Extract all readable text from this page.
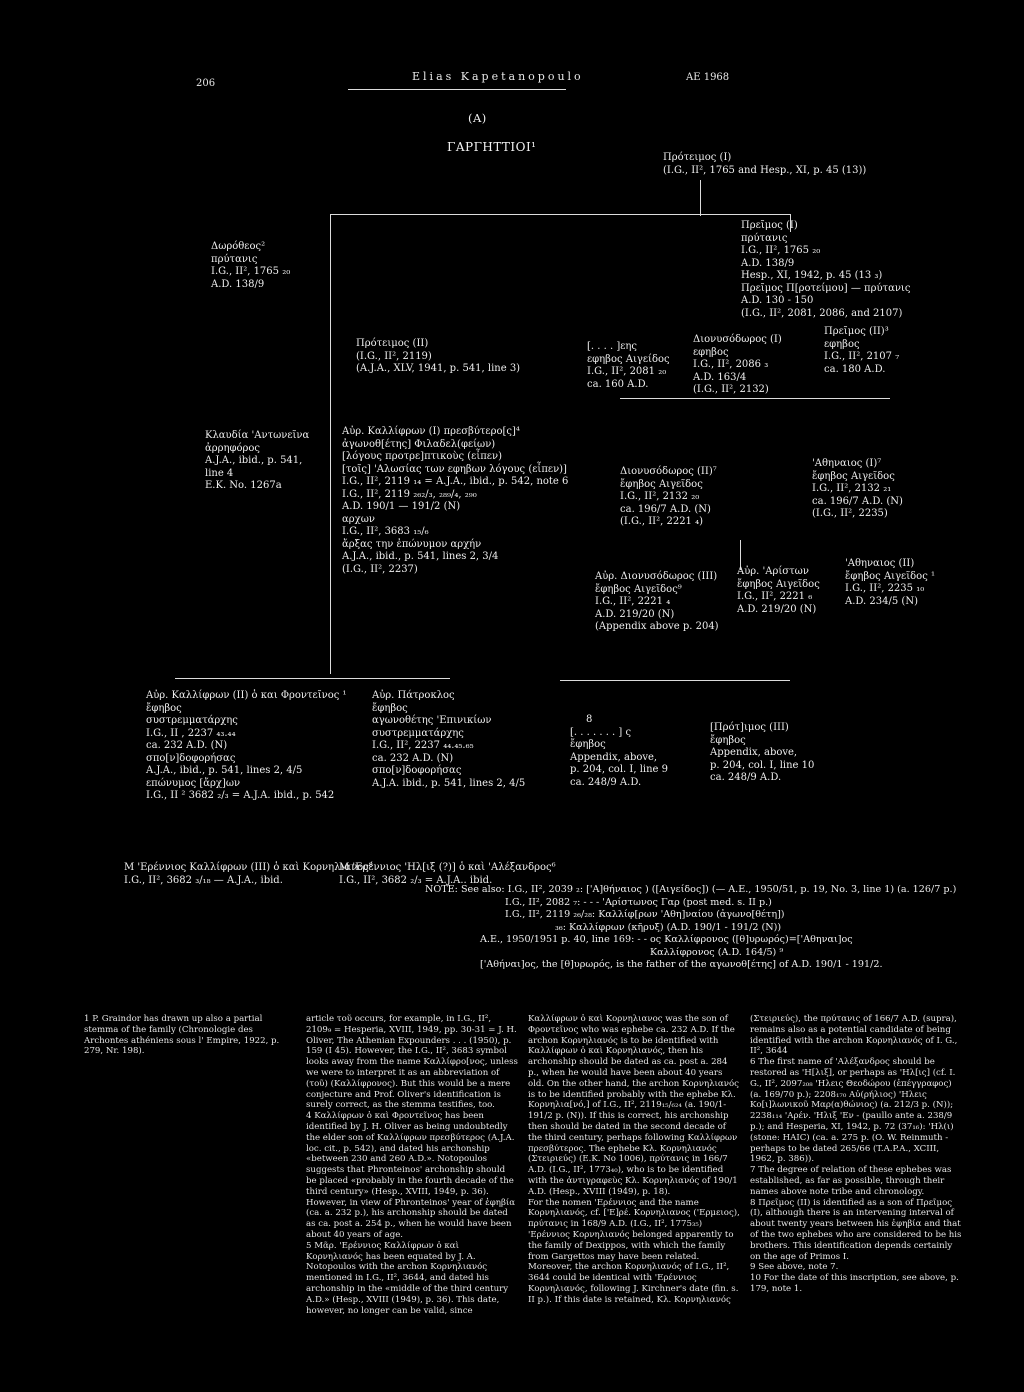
206
Elias Kapetanopoulo	ΑΕ 1968
(Α)
ΓΑΡΓΗΤΤΙΟΙ¹
Πρότειμος (I)
(I.G., II², 1765 and Hesp., XI, p. 45 (13))
Δωρόθεος²
πρύτανις
I.G., II², 1765 ₂₀
A.D. 138/9
Πρεῖμος (I)
πρύτανις
I.G., II², 1765 ₂₀
A.D. 138/9
Hesp., XI, 1942, p. 45 (13 ₃)
Πρεῖμος Π[ροτείμου] — πρύτανις
A.D. 130 - 150
(I.G., II², 2081, 2086, and 2107)
Πρότειμος (II)
(I.G., II², 2119)
(A.J.A., XLV, 1941, p. 541, line 3)
[. . . . ]εης
εφηβος Αιγείδος
I.G., II², 2081 ₂₀
ca. 160 A.D.
Διονυσόδωρος (I)
εφηβος
I.G., II², 2086 ₃
A.D. 163/4
(I.G., II², 2132)
Πρεῖμος (II)³
εφηβος
I.G., II², 2107 ₇
ca. 180 A.D.
Κλαυδία 'Αντωνεῖνα
ἀρρηφόρος
A.J.A., ibid., p. 541,
line 4
E.K. No. 1267a
Αὐρ. Καλλίφρων (I) πρεσβύτερο[ς]⁴
ἀγωνοθ[έτης] Φιλαδελ(φείων)
[λόγους προτρε]πτικοὺς (εἶπεν)
[τοῖς] 'Αλωσίας των εφηβων λόγους (εἶπεν)]
I.G., II², 2119 ₁₄ = A.J.A., ibid., p. 542, note 6
I.G., II², 2119 ₂₆₂/₃, ₂₈₉/₄, ₂₉₀
A.D. 190/1 — 191/2 (N)
αρχων
I.G., II², 3683 ₁₅/₆
ἄρξας την ἐπώνυμον αρχήν
A.J.A., ibid., p. 541, lines 2, 3/4
(I.G., II², 2237)
Διονυσόδωρος (II)⁷
ἔφηβος Αιγεῖδος
I.G., II², 2132 ₂₀
ca. 196/7 A.D. (N)
(I.G., II², 2221 ₄)
'Αθηναιος (I)⁷
ἔφηβος Αιγεῖδος
I.G., II², 2132 ₂₁
ca. 196/7 A.D. (N)
(I.G., II², 2235)
Αὐρ. Διονυσόδωρος (III)
ἔφηβος Αιγεῖδος⁹
I.G., II², 2221 ₄
A.D. 219/20 (N)
(Appendix above p. 204)
Αὐρ. 'Αρίστων
ἔφηβος Αιγεῖδος
I.G., II², 2221 ₆
A.D. 219/20 (N)
'Αθηναιος (II)
ἔφηβος Αιγεῖδος ¹
I.G., II², 2235 ₁₀
A.D. 234/5 (N)
Αὐρ. Καλλίφρων (II) ὁ και Φροντεῖνος ¹
ἔφηβος
συστρεμματάρχης
I.G., II , 2237 ₄₃.₄₄
ca. 232 A.D. (N)
σπο[ν]δοφορήσας
A.J.A., ibid., p. 541, lines 2, 4/5
επώνυμος [ἄρχ]ων
I.G., II ² 3682 ₂/₃ = A.J.A. ibid., p. 542
Αὐρ. Πάτροκλος
ἔφηβος
αγωνοθέτης 'Επινικίων
συστρεμματάρχης
I.G., II², 2237 ₄₄.₄₅.₆₅
ca. 232 A.D. (N)
σπο[ν]δοφορήσας
A.J.A. ibid., p. 541, lines 2, 4/5
8
[. . . . . . . ] ς
ἔφηβος
Appendix, above,
p. 204, col. I, line 9
ca. 248/9 A.D.
[Πρότ]ιμος (III)
ἔφηβος
Appendix, above,
p. 204, col. I, line 10
ca. 248/9 A.D.
Μ 'Ερέννιος Καλλίφρων (III) ὁ καὶ Κορνηλιανος⁸
I.G., II², 3682 ₃/₁₈ — A.J.A., ibid.
Μ 'Ερέννιος 'Ηλ[ιξ (?)] ὁ καὶ 'Αλέξανδρος⁶
I.G., II², 3682 ₂/₃ = A.J.A.. ibid.
NOTE: See also: I.G., II², 2039 ₂: ['Α]θήναιος ) ([Αιγείδος]) (— A.E., 1950/51, p. 19, No. 3, line 1) (a. 126/7 p.)
I.G., II², 2082 ₇: - - - 'Αρίστωνος Γαρ (post med. s. II p.)
I.G., II², 2119 ₂₆/₂₈: Καλλίφ[ρων 'Αθη]ναίου (ἀγωνο[θέτη])
₃₆: Καλλίφρων (κῆρυξ) (A.D. 190/1 - 191/2 (N))
A.E., 1950/1951 p. 40, line 169: - - ος Καλλίφρονος ([θ]υρωρός)=['Αθηναι]ος
Καλλίφρονος (A.D. 164/5) ⁹
['Αθήναι]ος, the [θ]υρωρός, is the father of the αγωνοθ[έτης] of A.D. 190/1 - 191/2.
1 P. Graindor has drawn up also a partial stemma of the family (Chronologie des Archontes athéniens sous l' Empire, 1922, p. 279, Nr. 198).
article τοῦ occurs, for example, in I.G., II², 2109₉ = Hesperia, XVIII, 1949, pp. 30-31 = J. H. Oliver, The Athenian Expounders . . . (1950), p. 159 (I 45). However, the I.G., II², 3683 symbol looks away from the name Καλλίφρο[νος, unless we were to interpret it as an abbreviation of (τοῦ) (Καλλίφρονος). But this would be a mere conjecture and Prof. Oliver's identification is surely correct, as the stemma testifies, too.
4 Καλλίφρων ὁ καὶ Φροντεῖνος has been identified by J. H. Oliver as being undoubtedly the elder son of Καλλίφρων πρεσβύτερος (A.J.A. loc. cit., p. 542), and dated his archonship «between 230 and 260 A.D.». Notopoulos suggests that Phronteinos' archonship should be placed «probably in the fourth decade of the third century» (Hesp., XVIII, 1949, p. 36). However, in view of Phronteinos' year of ἐφηβία (ca. a. 232 p.), his archonship should be dated as ca. post a. 254 p., when he would have been about 40 years of age.
5 Μᾶρ. 'Ερέννιος Καλλίφρων ὁ καὶ Κορνηλιανός has been equated by J. A. Notopoulos with the archon Κορνηλιανός mentioned in I.G., II², 3644, and dated his archonship in the «middle of the third century A.D.» (Hesp., XVIII (1949), p. 36). This date, however, no longer can be valid, since
Καλλίφρων ὁ καὶ Κορνηλιανος was the son of Φροντεῖνος who was ephebe ca. 232 A.D. If the archon Κορνηλιανός is to be identified with Καλλίφρων ὁ καὶ Κορνηλιανός, then his archonship should be dated as ca. post a. 284 p., when he would have been about 40 years old. On the other hand, the archon Κορνηλιανός is to be identified probably with the ephebe Κλ. Κορνηλια[νό,] of I.G., II², 2119₁₅/₆₂₄ (a. 190/1-191/2 p. (N)). If this is correct, his archonship then should be dated in the second decade of the third century, perhaps following Καλλίφρων πρεσβύτερος. The ephebe Κλ. Κορνηλιανός (Στειριεύς) (E.K. No 1006), πρύτανις in 166/7 A.D. (I.G., II², 1773₄₀), who is to be identified with the ἀντιγραφεὺς Κλ. Κορνηλιανός of 190/1 A.D. (Hesp., XVIII (1949), p. 18).
For the nomen 'Ερέννιος and the name Κορνηλιανός, cf. ['Ε]ρέ. Κορνηλιανος ('Ερμειος), πρύτανις in 168/9 A.D. (I.G., II², 1775₃₅) 'Ερέννιος Κορνηλιανός belonged apparently to the family of Dexippos, with which the family from Gargettos may have been related. Moreover, the archon Κορνηλιανός of I.G., II², 3644 could be identical with 'Ερέννιος Κορνηλιανός, following J. Kirchner's date (fin. s. II p.). If this date is retained, Κλ. Κορνηλιανός
(Στειριεύς), the πρύτανις of 166/7 A.D. (supra), remains also as a potential candidate of being identified with the archon Κορνηλιανός of I. G., II², 3644
6 The first name of 'Αλέξανδρος should be restored as 'Η[λιξ], or perhaps as 'Ηλ[ις] (cf. I. G., II², 2097₂₀₈ 'Ηλεις Θεοδώρου (ἐπέγγραφος) (a. 169/70 p.); 2208₁₇₀ Αὐ(ρήλιος) 'Ηλεις Κο[ι]λωνικοῦ Μαρ(α)θώνιος) (a. 212/3 p. (N)); 2238₁₁₄ 'Αρέν. 'Ηλιξ 'Εν - (paullo ante a. 238/9 p.); and Hesperia, XI, 1942, p. 72 (37₁₆): 'Ηλ(ι) (stone: HAIC) (ca. a. 275 p. (O. W. Reinmuth - perhaps to be dated 265/66 (T.A.P.A., XCIII, 1962, p. 386)).
7 The degree of relation of these ephebes was established, as far as possible, through their names above note tribe and chronology.
8 Πρεῖμος (II) is identified as a son of Πρεῖμος (I), although there is an intervening interval of about twenty years between his ἐφηβία and that of the two ephebes who are considered to be his brothers. This identification depends certainly on the age of Primos I.
9 See above, note 7.
10 For the date of this inscription, see above, p. 179, note 1.
